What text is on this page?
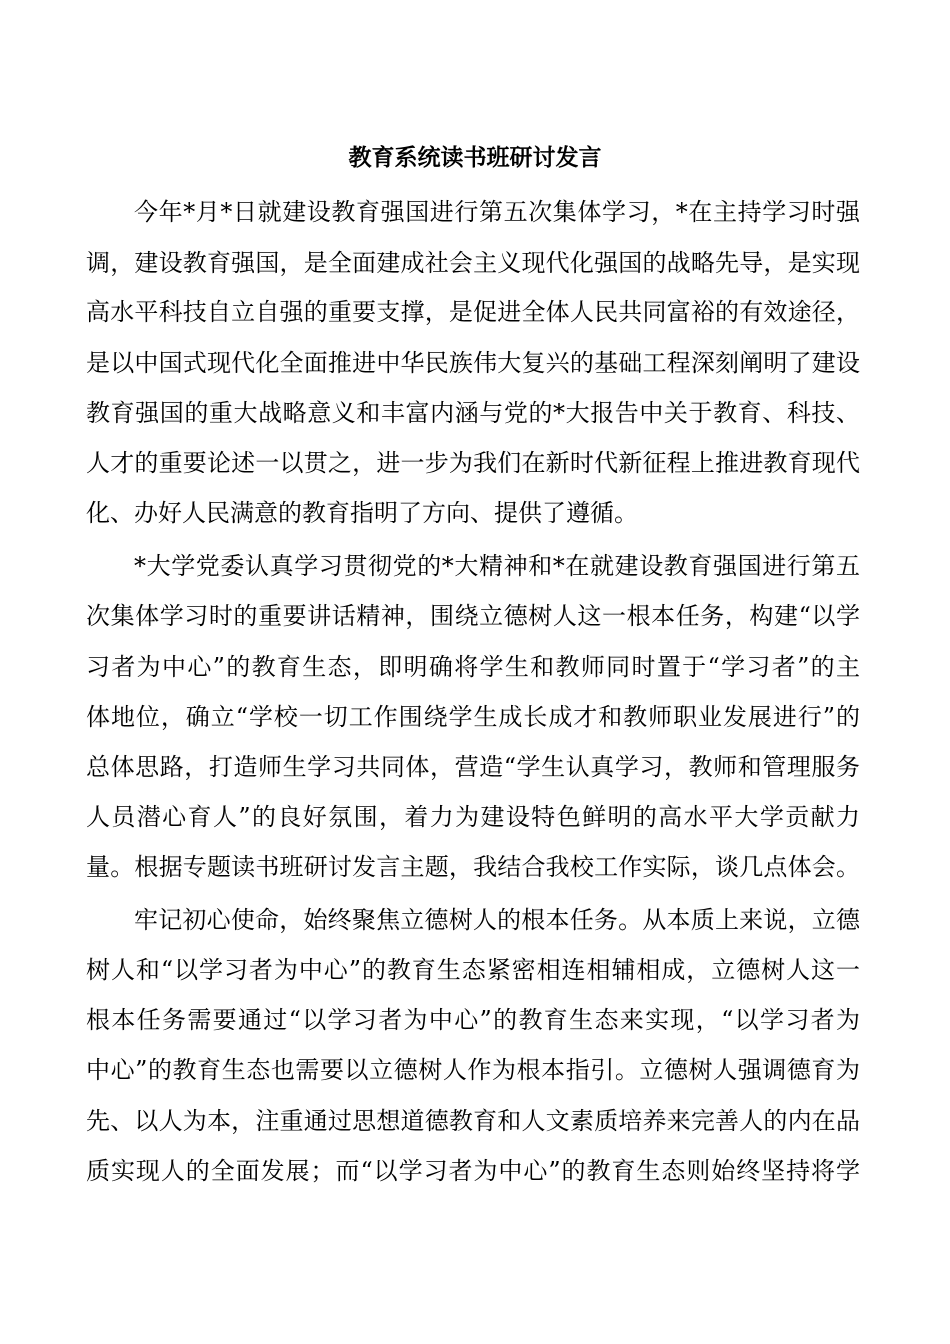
教育系统读书班研讨发言
今年*月*日就建设教育强国进行第五次集体学习，*在主持学习时强
调，建设教育强国，是全面建成社会主义现代化强国的战略先导，是实现
高水平科技自立自强的重要支撑，是促进全体人民共同富裕的有效途径，
是以中国式现代化全面推进中华民族伟大复兴的基础工程深刻阐明了建设
教育强国的重大战略意义和丰富内涵与党的*大报告中关于教育、科技、
人才的重要论述一以贯之，进一步为我们在新时代新征程上推进教育现代
化、办好人民满意的教育指明了方向、提供了遵循。
*大学党委认真学习贯彻党的*大精神和*在就建设教育强国进行第五
次集体学习时的重要讲话精神，围绕立德树人这一根本任务，构建“以学
习者为中心”的教育生态，即明确将学生和教师同时置于“学习者”的主
体地位，确立“学校一切工作围绕学生成长成才和教师职业发展进行”的
总体思路，打造师生学习共同体，营造“学生认真学习，教师和管理服务
人员潜心育人”的良好氛围，着力为建设特色鲜明的高水平大学贡献力
量。根据专题读书班研讨发言主题，我结合我校工作实际，谈几点体会。
牢记初心使命，始终聚焦立德树人的根本任务。从本质上来说，立德
树人和“以学习者为中心”的教育生态紧密相连相辅相成，立德树人这一
根本任务需要通过“以学习者为中心”的教育生态来实现，“以学习者为
中心”的教育生态也需要以立德树人作为根本指引。立德树人强调德育为
先、以人为本，注重通过思想道德教育和人文素质培养来完善人的内在品
质实现人的全面发展；而“以学习者为中心”的教育生态则始终坚持将学
